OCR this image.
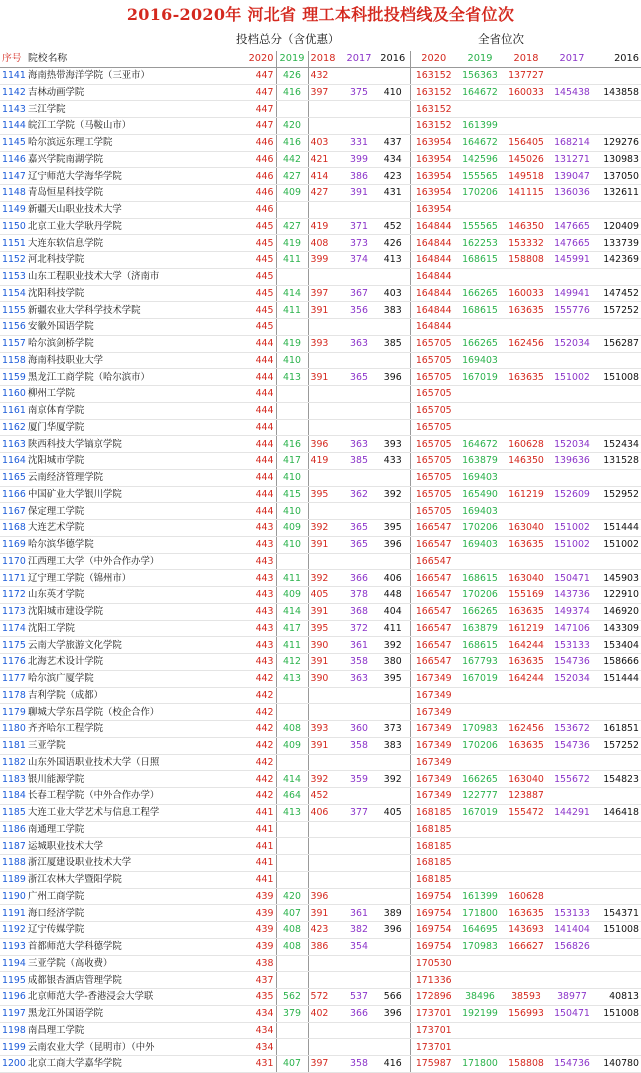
2016-2020年 河北省 理工本科批投档线及全省位次
投档总分（含优惠）	全省位次
序号	院校名称	2020	2019	2018	2017	2016	2020	2019	2018	2017	2016
1141	海南热带海洋学院（三亚市）	447	426	432			163152	156363	137727		
1142	吉林动画学院	447	416	397	375	410	163152	164672	160033	145438	143858
1143	三江学院	447					163152				
1144	皖江工学院（马鞍山市）	447	420				163152	161399			
1145	哈尔滨远东理工学院	446	416	403	331	437	163954	164672	156405	168214	129276
1146	嘉兴学院南湖学院	446	442	421	399	434	163954	142596	145026	131271	130983
1147	辽宁师范大学海华学院	446	427	414	386	423	163954	155565	149518	139047	137050
1148	青岛恒星科技学院	446	409	427	391	431	163954	170206	141115	136036	132611
1149	新疆天山职业技术大学	446					163954				
1150	北京工业大学耿丹学院	445	427	419	371	452	164844	155565	146350	147665	120409
1151	大连东软信息学院	445	419	408	373	426	164844	162253	153332	147665	133739
1152	河北科技学院	445	411	399	374	413	164844	168615	158808	145991	142369
1153	山东工程职业技术大学（济南市	445					164844				
1154	沈阳科技学院	445	414	397	367	403	164844	166265	160033	149941	147452
1155	新疆农业大学科学技术学院	445	411	391	356	383	164844	168615	163635	155776	157252
1156	安徽外国语学院	445					164844				
1157	哈尔滨剑桥学院	444	419	393	363	385	165705	166265	162456	152034	156287
1158	海南科技职业大学	444	410				165705	169403			
1159	黑龙江工商学院（哈尔滨市）	444	413	391	365	396	165705	167019	163635	151002	151008
1160	柳州工学院	444					165705				
1161	南京体育学院	444					165705				
1162	厦门华厦学院	444					165705				
1163	陕西科技大学镐京学院	444	416	396	363	393	165705	164672	160628	152034	152434
1164	沈阳城市学院	444	417	419	385	433	165705	163879	146350	139636	131528
1165	云南经济管理学院	444	410				165705	169403			
1166	中国矿业大学银川学院	444	415	395	362	392	165705	165490	161219	152609	152952
1167	保定理工学院	444	410				165705	169403			
1168	大连艺术学院	443	409	392	365	395	166547	170206	163040	151002	151444
1169	哈尔滨华德学院	443	410	391	365	396	166547	169403	163635	151002	151002
1170	江西理工大学（中外合作办学）	443					166547				
1171	辽宁理工学院（锦州市）	443	411	392	366	406	166547	168615	163040	150471	145903
1172	山东英才学院	443	409	405	378	448	166547	170206	155169	143736	122910
1173	沈阳城市建设学院	443	414	391	368	404	166547	166265	163635	149374	146920
1174	沈阳工学院	443	417	395	372	411	166547	163879	161219	147106	143309
1175	云南大学旅游文化学院	443	411	390	361	392	166547	168615	164244	153133	153404
1176	北海艺术设计学院	443	412	391	358	380	166547	167793	163635	154736	158666
1177	哈尔滨广厦学院	442	413	390	363	395	167349	167019	164244	152034	151444
1178	吉利学院（成都）	442					167349				
1179	聊城大学东昌学院（校企合作）	442					167349				
1180	齐齐哈尔工程学院	442	408	393	360	373	167349	170983	162456	153672	161851
1181	三亚学院	442	409	391	358	383	167349	170206	163635	154736	157252
1182	山东外国语职业技术大学（日照	442					167349				
1183	银川能源学院	442	414	392	359	392	167349	166265	163040	155672	154823
1184	长春工程学院（中外合作办学）	442	464	452			167349	122777	123887		
1185	大连工业大学艺术与信息工程学	441	413	406	377	405	168185	167019	155472	144291	146418
1186	南通理工学院	441					168185				
1187	运城职业技术大学	441					168185				
1188	浙江厦建设职业技术大学	441					168185				
1189	浙江农林大学暨阳学院	441					168185				
1190	广州工商学院	439	420	396			169754	161399	160628		
1191	海口经济学院	439	407	391	361	389	169754	171800	163635	153133	154371
1192	辽宁传媒学院	439	408	423	382	396	169754	164695	143693	141404	151008
1193	首都师范大学科德学院	439	408	386	354		169754	170983	166627	156826	
1194	三亚学院（高收费）	438					170530				
1195	成都银杏酒店管理学院	437					171336				
1196	北京师范大学-香港浸会大学联	435	562	572	537	566	172896	38496	38593	38977	40813
1197	黑龙江外国语学院	434	379	402	366	396	173701	192199	156993	150471	151008
1198	南昌理工学院	434					173701				
1199	云南农业大学（昆明市）（中外	434					173701				
1200	北京工商大学嘉华学院	431	407	397	358	416	175987	171800	158808	154736	140780
